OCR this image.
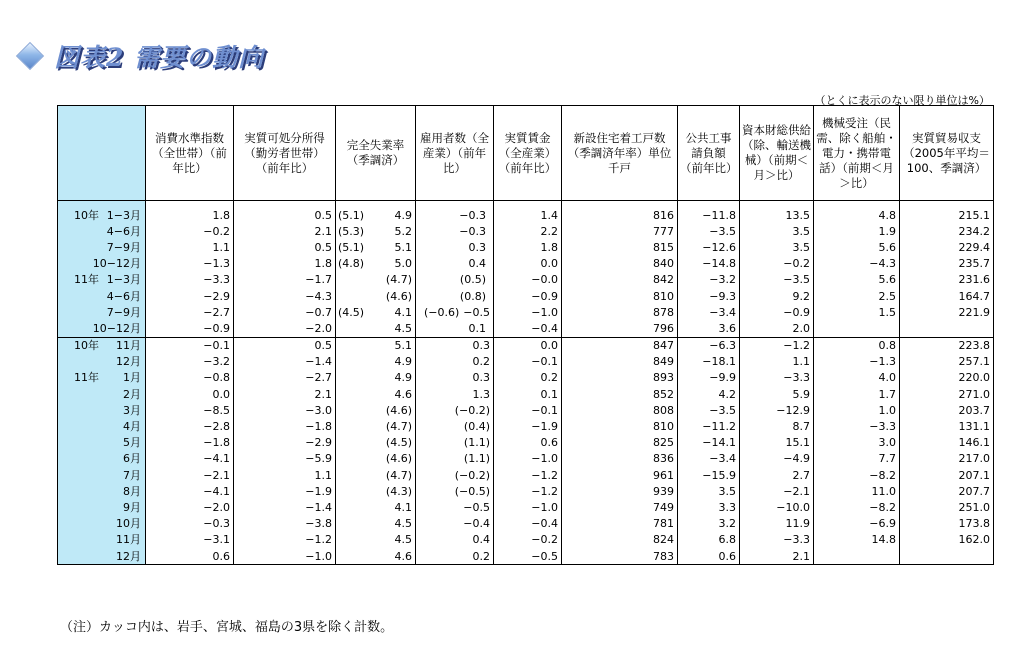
図表2 需要の動向
（とくに表示のない限り単位は%）
	消費水準指数（全世帯）（前年比）	実質可処分所得（勤労者世帯）（前年比）	完全失業率（季調済）	雇用者数（全産業）（前年比）	実質賃金（全産業）（前年比）	新設住宅着工戸数（季調済年率）単位 千戸	公共工事請負額（前年比）	資本財総供給（除、輸送機械）（前期＜月＞比）	機械受注（民需、除く船舶・電力・携帯電話）（前期＜月＞比）	実質貿易収支（2005年平均＝100、季調済）

10年 1−3月	1.8	0.5	(5.1) 4.9	−0.3	1.4	816	−11.8	13.5	4.8	215.1

4−6月	−0.2	2.1	(5.3) 5.2	−0.3	2.2	777	−3.5	3.5	1.9	234.2

7−9月	1.1	0.5	(5.1) 5.1	0.3	1.8	815	−12.6	3.5	5.6	229.4

10−12月	−1.3	1.8	(4.8) 5.0	0.4	0.0	840	−14.8	−0.2	−4.3	235.7

11年 1−3月	−3.3	−1.7	(4.7)	(0.5)	−0.0	842	−3.2	−3.5	5.6	231.6

4−6月	−2.9	−4.3	(4.6)	(0.8)	−0.9	810	−9.3	9.2	2.5	164.7

7−9月	−2.7	−0.7	(4.5) 4.1	(−0.6) −0.5	−1.0	878	−3.4	−0.9	1.5	221.9

10−12月	−0.9	−2.0	4.5	0.1	−0.4	796	3.6	2.0		

10年 11月	−0.1	0.5	5.1	0.3	0.0	847	−6.3	−1.2	0.8	223.8

12月	−3.2	−1.4	4.9	0.2	−0.1	849	−18.1	1.1	−1.3	257.1

11年 1月	−0.8	−2.7	4.9	0.3	0.2	893	−9.9	−3.3	4.0	220.0

2月	0.0	2.1	4.6	1.3	0.1	852	4.2	5.9	1.7	271.0

3月	−8.5	−3.0	(4.6)	(−0.2)	−0.1	808	−3.5	−12.9	1.0	203.7

4月	−2.8	−1.8	(4.7)	(0.4)	−1.9	810	−11.2	8.7	−3.3	131.1

5月	−1.8	−2.9	(4.5)	(1.1)	0.6	825	−14.1	15.1	3.0	146.1

6月	−4.1	−5.9	(4.6)	(1.1)	−1.0	836	−3.4	−4.9	7.7	217.0

7月	−2.1	1.1	(4.7)	(−0.2)	−1.2	961	−15.9	2.7	−8.2	207.1

8月	−4.1	−1.9	(4.3)	(−0.5)	−1.2	939	3.5	−2.1	11.0	207.7

9月	−2.0	−1.4	4.1	−0.5	−1.0	749	3.3	−10.0	−8.2	251.0

10月	−0.3	−3.8	4.5	−0.4	−0.4	781	3.2	11.9	−6.9	173.8

11月	−3.1	−1.2	4.5	0.4	−0.2	824	6.8	−3.3	14.8	162.0

12月	0.6	−1.0	4.6	0.2	−0.5	783	0.6	2.1		
（注）カッコ内は、岩手、宮城、福島の3県を除く計数。
